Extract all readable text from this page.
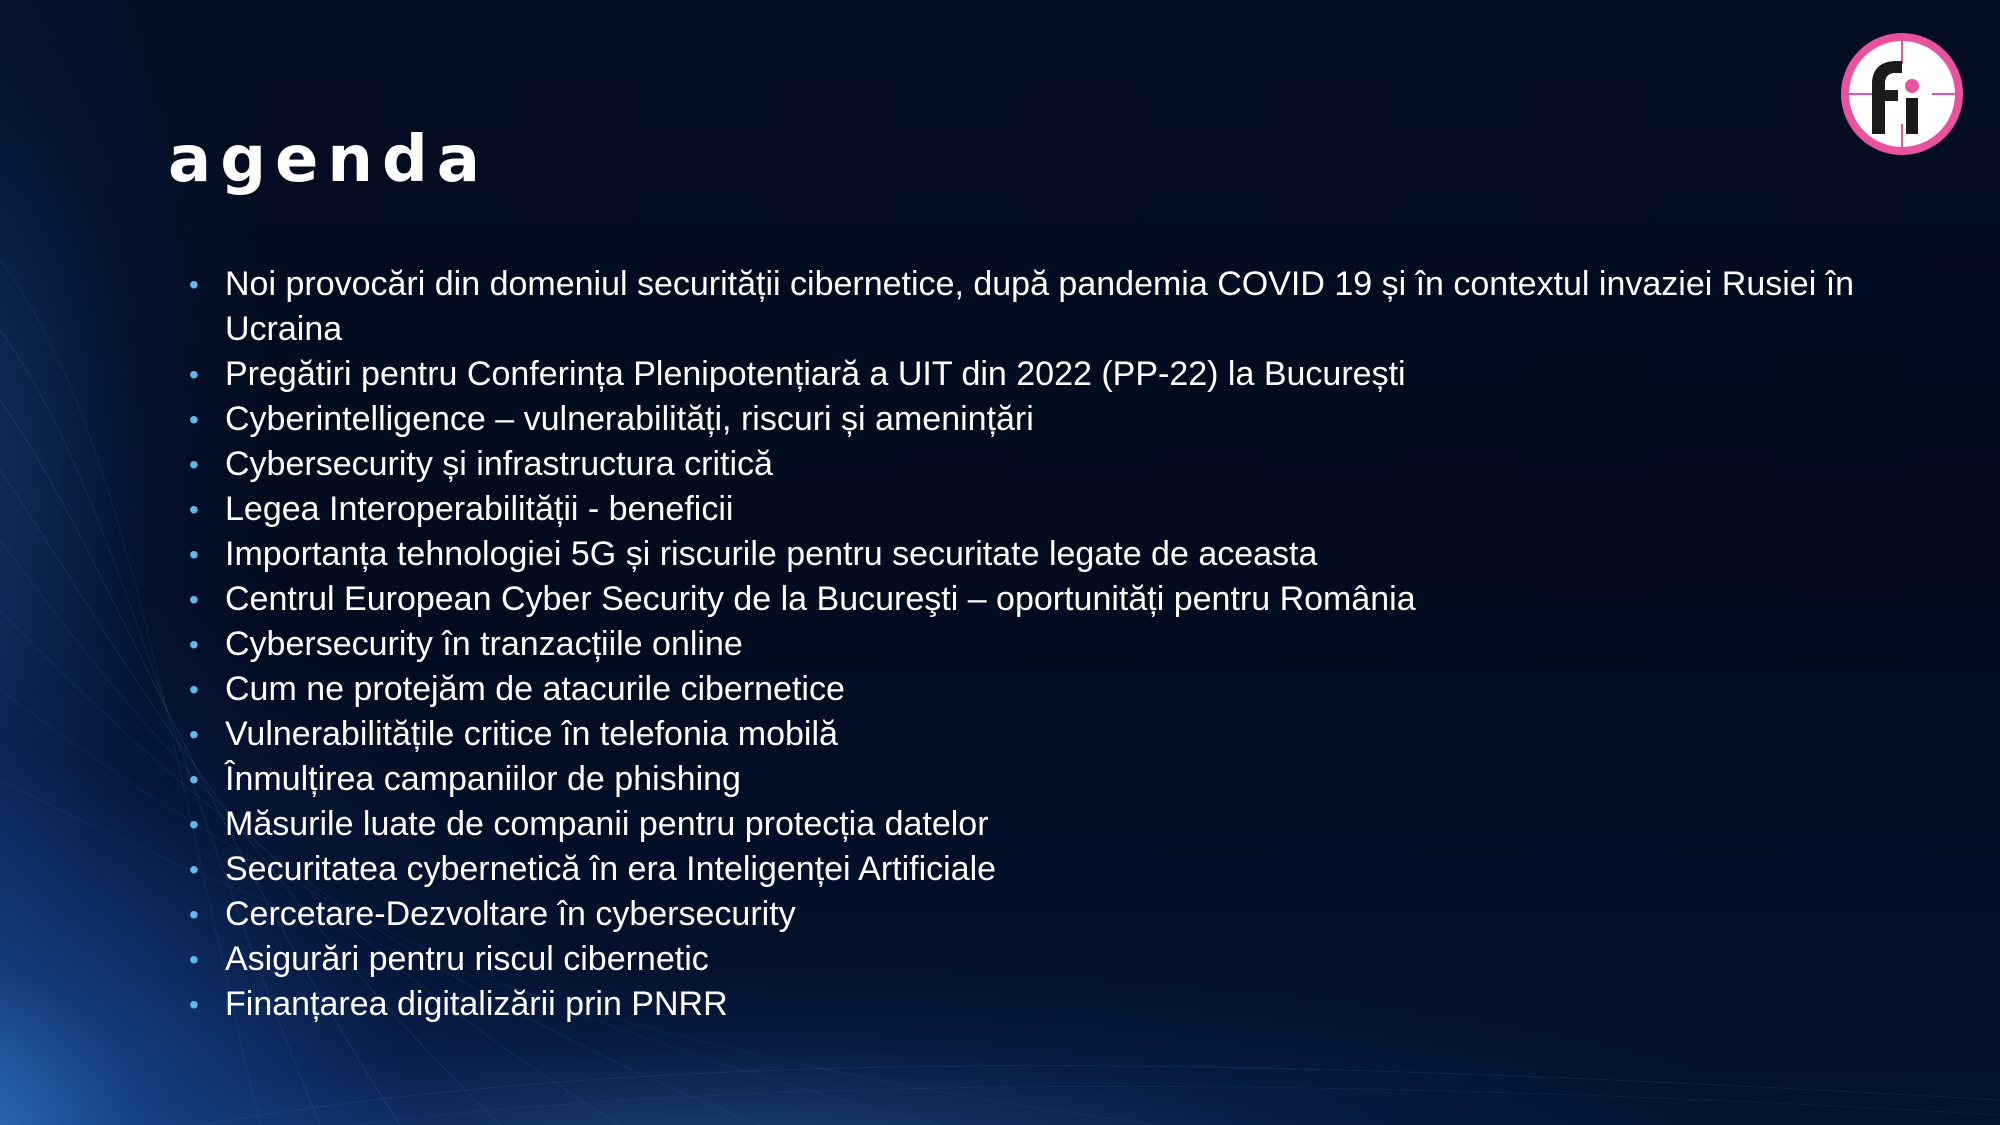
agenda
• Noi provocări din domeniul securității cibernetice, după pandemia COVID 19 și în contextul invaziei Rusiei în Ucraina
• Pregătiri pentru Conferința Plenipotențiară a UIT din 2022 (PP-22) la București
• Cyberintelligence – vulnerabilități, riscuri și amenințări
• Cybersecurity și infrastructura critică
• Legea Interoperabilității - beneficii
• Importanța tehnologiei 5G și riscurile pentru securitate legate de aceasta
• Centrul European Cyber Security de la Bucureşti – oportunități pentru România
• Cybersecurity în tranzacțiile online
• Cum ne protejăm de atacurile cibernetice
• Vulnerabilitățile critice în telefonia mobilă
• Înmulțirea campaniilor de phishing
• Măsurile luate de companii pentru protecția datelor
• Securitatea cybernetică în era Inteligenței Artificiale
• Cercetare-Dezvoltare în cybersecurity
• Asigurări pentru riscul cibernetic
• Finanțarea digitalizării prin PNRR
